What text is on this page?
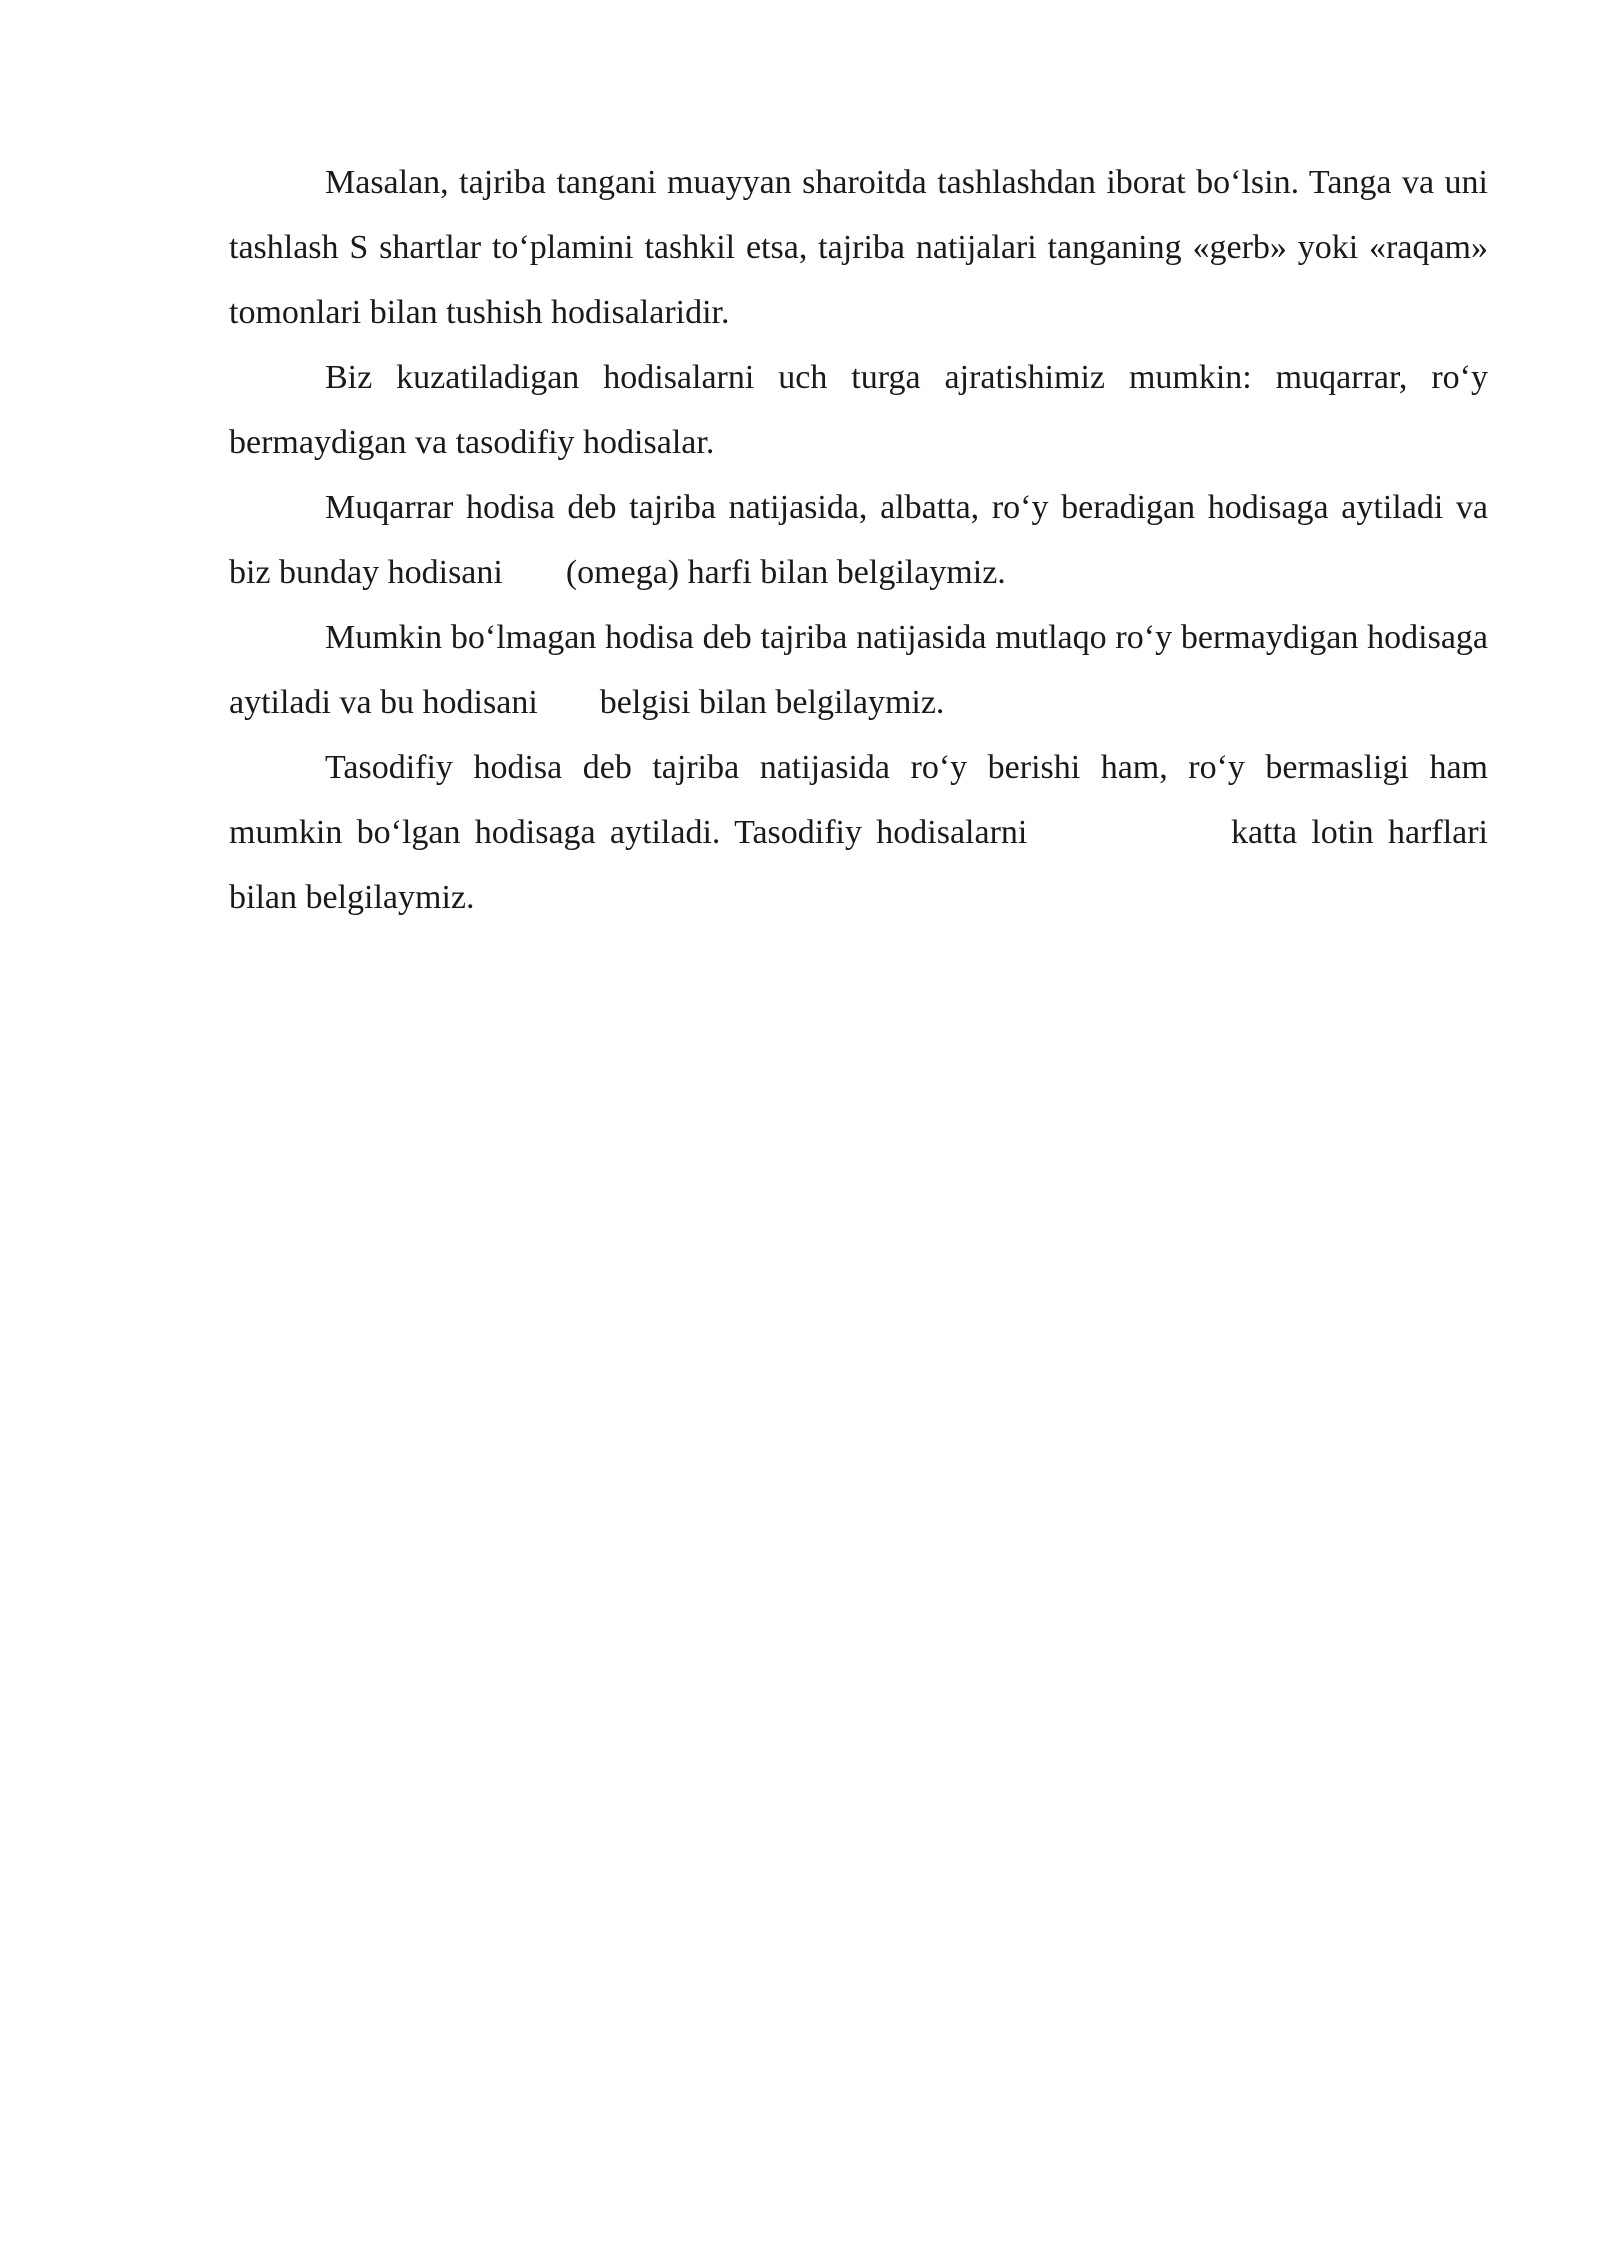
Masalan, tajriba tangani muayyan sharoitda tashlashdan iborat bo‘lsin. Tanga va uni tashlash S shartlar to‘plamini tashkil etsa, tajriba natijalari tanganing «gerb» yoki «raqam» tomonlari bilan tushish hodisalaridir.

Biz kuzatiladigan hodisalarni uch turga ajratishimiz mumkin: muqarrar, ro‘y bermaydigan va tasodifiy hodisalar.

Muqarrar hodisa deb tajriba natijasida, albatta, ro‘y beradigan hodisaga aytiladi va biz bunday hodisani (omega) harfi bilan belgilaymiz.

Mumkin bo‘lmagan hodisa deb tajriba natijasida mutlaqo ro‘y bermaydigan hodisaga aytiladi va bu hodisani belgisi bilan belgilaymiz.

Tasodifiy hodisa deb tajriba natijasida ro‘y berishi ham, ro‘y bermasligi ham mumkin bo‘lgan hodisaga aytiladi. Tasodifiy hodisalarni	katta lotin harflari bilan belgilaymiz.
